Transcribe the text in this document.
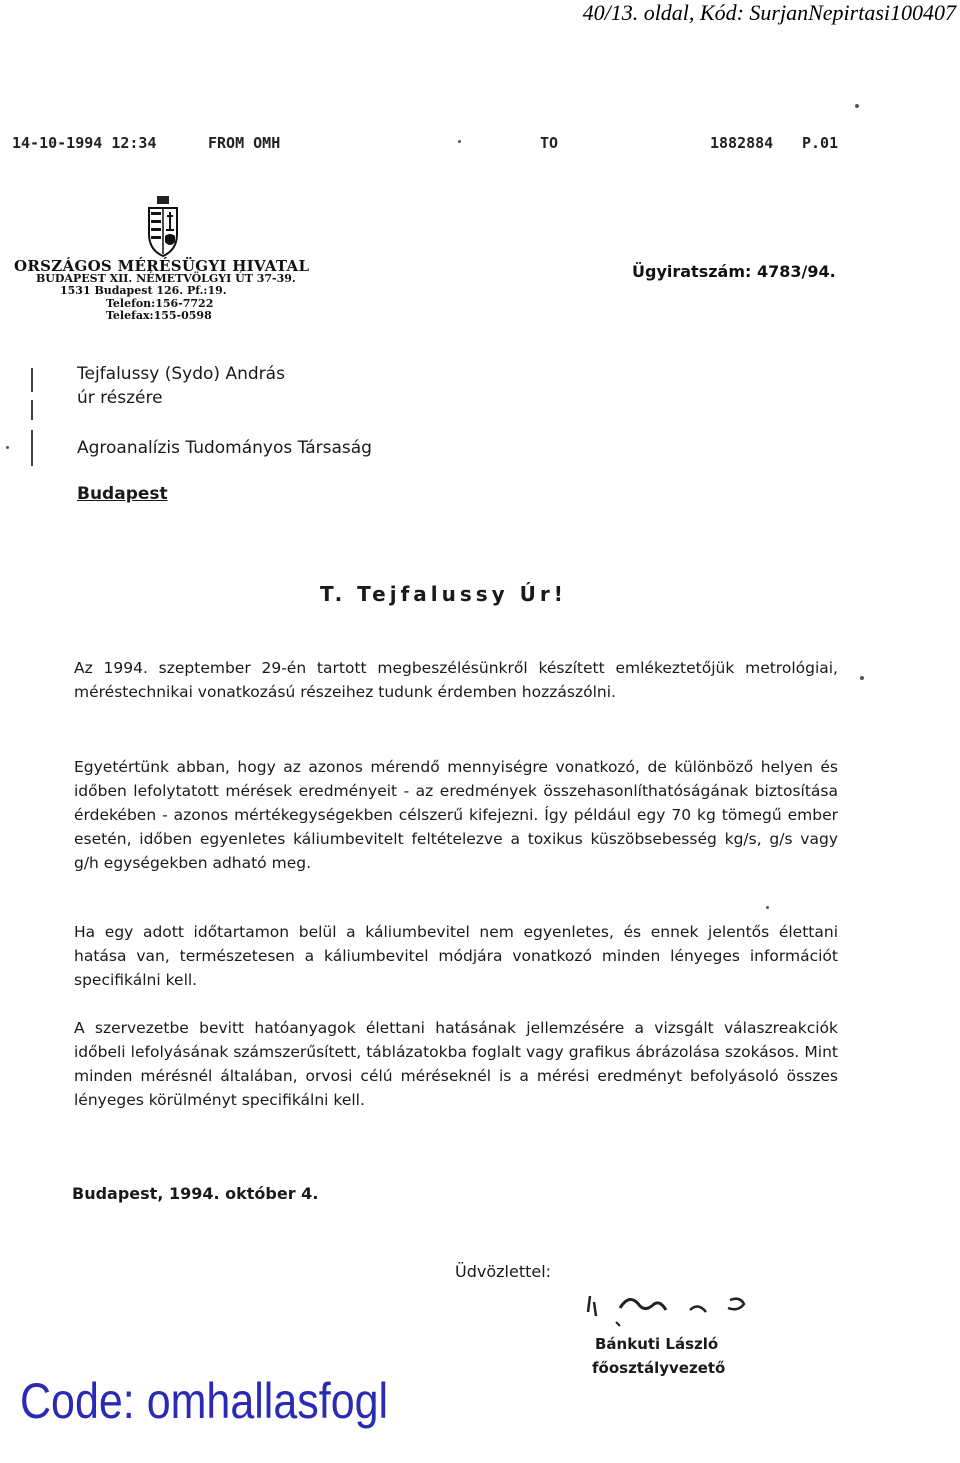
40/13. oldal, Kód: SurjanNepirtasi100407
14-10-1994 12:34	FROM OMH	TO	1882884 P.01
ORSZÁGOS MÉRÉSÜGYI HIVATAL
BUDAPEST XII. NÉMETVÖLGYI ÚT 37-39.
1531 Budapest 126. Pf.:19.
Telefon:156-7722
Telefax:155-0598
Ügyiratszám: 4783/94.
Tejfalussy (Sydo) András
úr részére
Agroanalízis Tudományos Társaság
Budapest
T. Tejfalussy Úr!
Az 1994. szeptember 29-én tartott megbeszélésünkről készített emlékeztetőjük metrológiai, méréstechnikai vonatkozású részeihez tudunk érdemben hozzászólni.
Egyetértünk abban, hogy az azonos mérendő mennyiségre vonatkozó, de különböző helyen és időben lefolytatott mérések eredményeit - az eredmények összehasonlíthatóságának biztosítása érdekében - azonos mértékegységekben célszerű kifejezni. Így például egy 70 kg tömegű ember esetén, időben egyenletes káliumbevitelt feltételezve a toxikus küszöbsebesség kg/s, g/s vagy g/h egységekben adható meg.
Ha egy adott időtartamon belül a káliumbevitel nem egyenletes, és ennek jelentős élettani hatása van, természetesen a káliumbevitel módjára vonatkozó minden lényeges információt specifikálni kell.
A szervezetbe bevitt hatóanyagok élettani hatásának jellemzésére a vizsgált válaszreakciók időbeli lefolyásának számszerűsített, táblázatokba foglalt vagy grafikus ábrázolása szokásos. Mint minden mérésnél általában, orvosi célú méréseknél is a mérési eredményt befolyásoló összes lényeges körülményt specifikálni kell.
Budapest, 1994. október 4.
Üdvözlettel:
Bánkuti László
főosztályvezető
Code: omhallasfogl
